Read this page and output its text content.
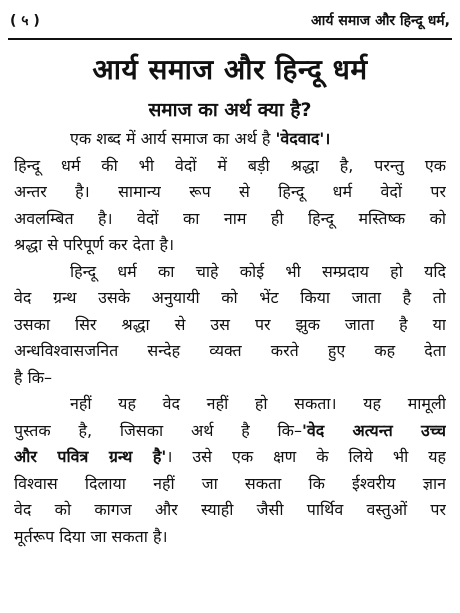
( ५ )	आर्य समाज और हिन्दू धर्म,
आर्य समाज और हिन्दू धर्म
समाज का अर्थ क्या है?
एक शब्द में आर्य समाज का अर्थ है 'वेदवाद'।
हिन्दू धर्म की भी वेदों में बड़ी श्रद्धा है, परन्तु एक
अन्तर है। सामान्य रूप से हिन्दू धर्म वेदों पर
अवलम्बित है। वेदों का नाम ही हिन्दू मस्तिष्क को
श्रद्धा से परिपूर्ण कर देता है।
हिन्दू धर्म का चाहे कोई भी सम्प्रदाय हो यदि
वेद ग्रन्थ उसके अनुयायी को भेंट किया जाता है तो
उसका सिर श्रद्धा से उस पर झुक जाता है या
अन्धविश्वासजनित सन्देह व्यक्त करते हुए कह देता
है कि–
नहीं यह वेद नहीं हो सकता। यह मामूली
पुस्तक है, जिसका अर्थ है कि–'वेद अत्यन्त उच्च
और पवित्र ग्रन्थ है'। उसे एक क्षण के लिये भी यह
विश्वास दिलाया नहीं जा सकता कि ईश्वरीय ज्ञान
वेद को कागज और स्याही जैसी पार्थिव वस्तुओं पर
मूर्तरूप दिया जा सकता है।
